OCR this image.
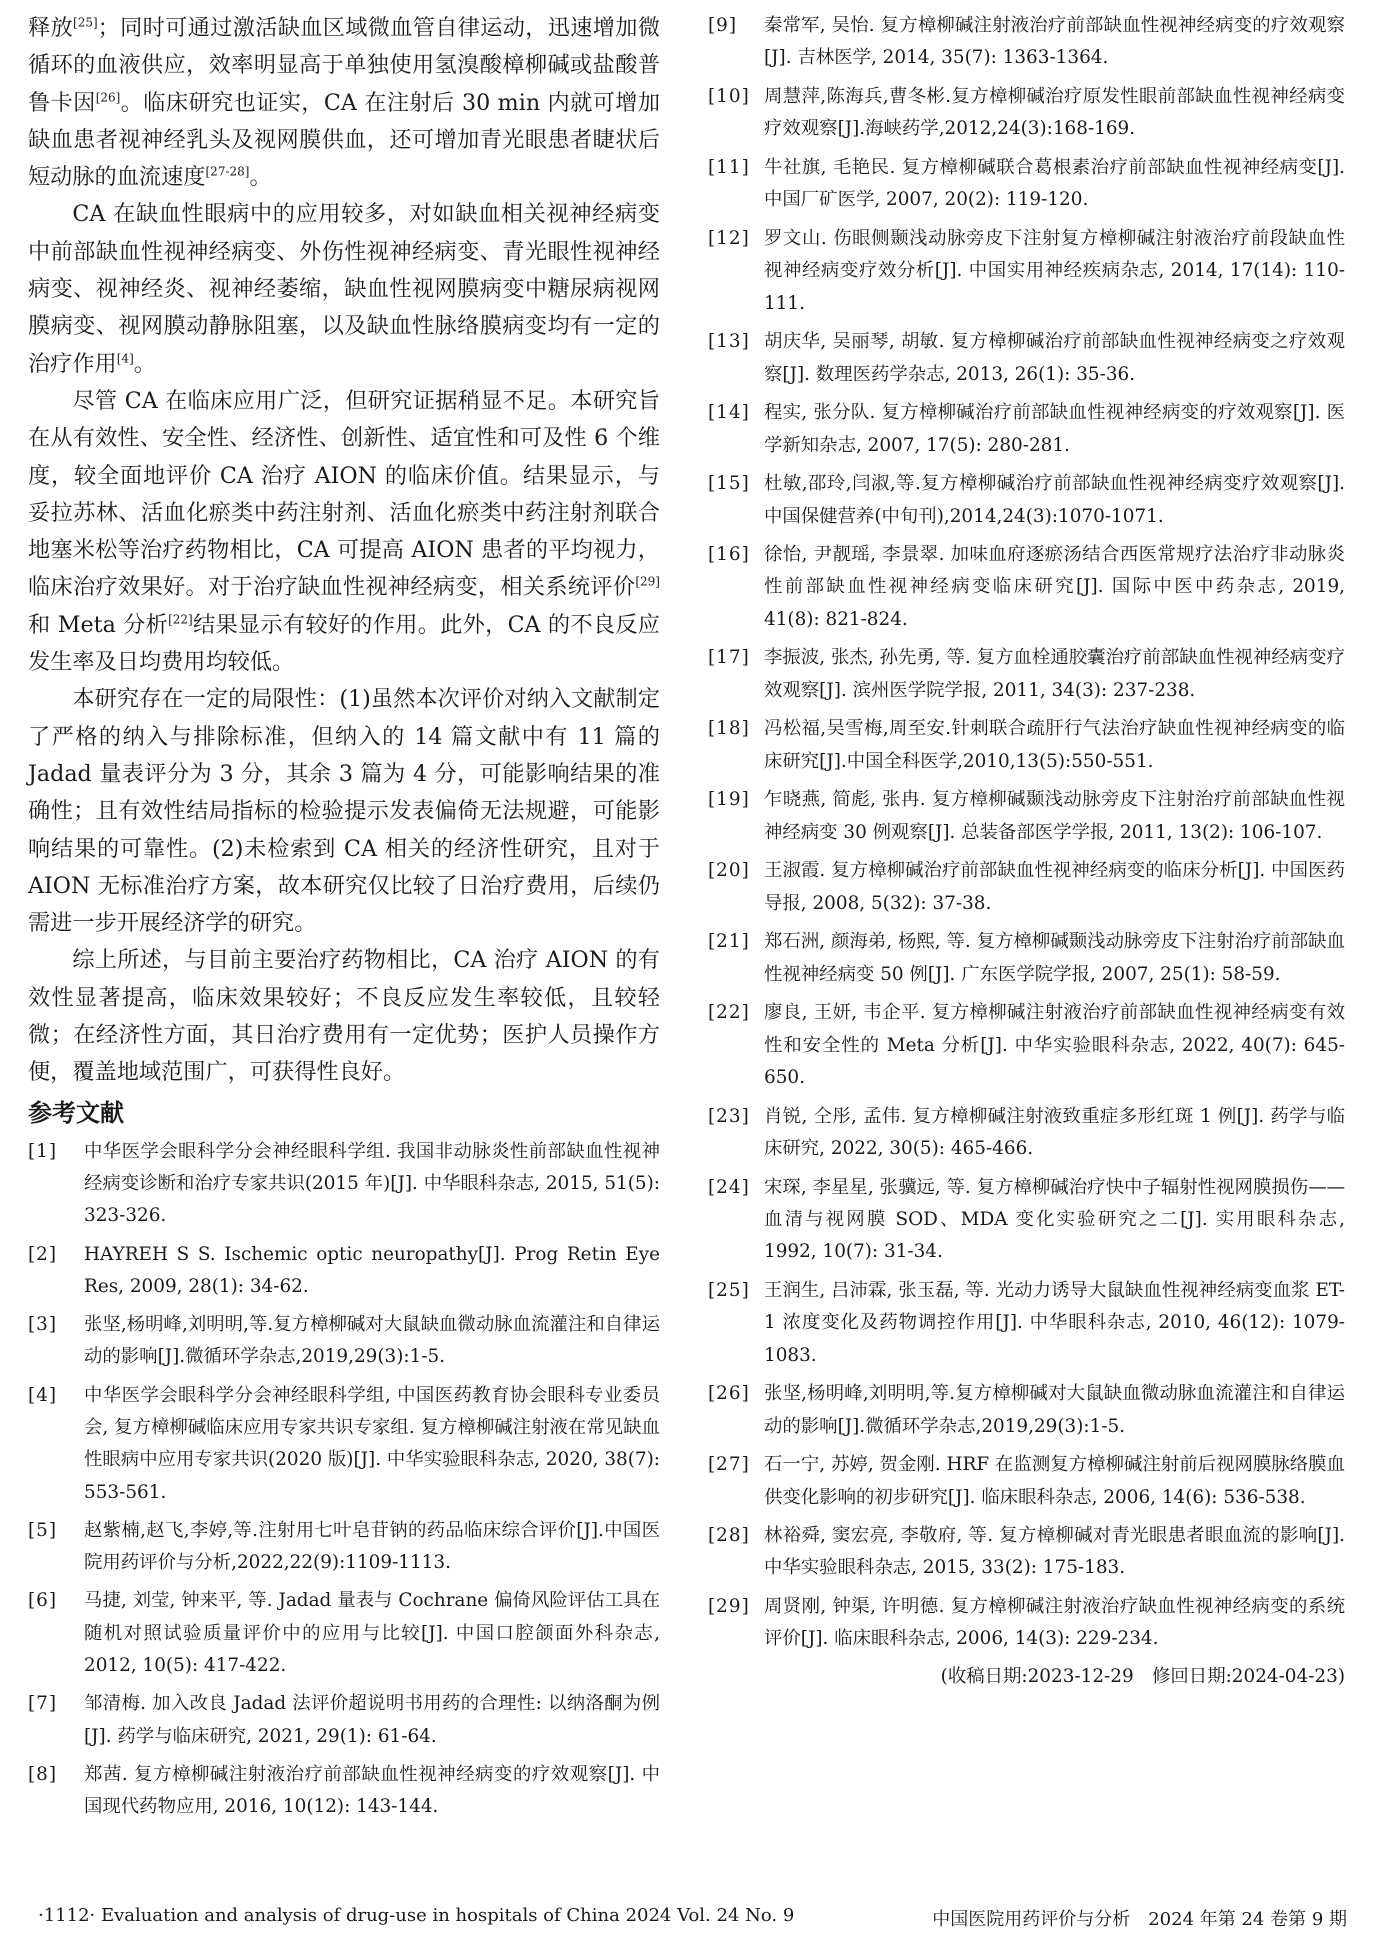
释放[25]；同时可通过激活缺血区域微血管自律运动，迅速增加微循环的血液供应，效率明显高于单独使用氢溴酸樟柳碱或盐酸普鲁卡因[26]。临床研究也证实，CA 在注射后 30 min 内就可增加缺血患者视神经乳头及视网膜供血，还可增加青光眼患者睫状后短动脉的血流速度[27-28]。

CA 在缺血性眼病中的应用较多，对如缺血相关视神经病变中前部缺血性视神经病变、外伤性视神经病变、青光眼性视神经病变、视神经炎、视神经萎缩，缺血性视网膜病变中糖尿病视网膜病变、视网膜动静脉阻塞，以及缺血性脉络膜病变均有一定的治疗作用[4]。

尽管 CA 在临床应用广泛，但研究证据稍显不足。本研究旨在从有效性、安全性、经济性、创新性、适宜性和可及性 6 个维度，较全面地评价 CA 治疗 AION 的临床价值。结果显示，与妥拉苏林、活血化瘀类中药注射剂、活血化瘀类中药注射剂联合地塞米松等治疗药物相比，CA 可提高 AION 患者的平均视力，临床治疗效果好。对于治疗缺血性视神经病变，相关系统评价[29] 和 Meta 分析[22]结果显示有较好的作用。此外，CA 的不良反应发生率及日均费用均较低。

本研究存在一定的局限性：(1)虽然本次评价对纳入文献制定了严格的纳入与排除标准，但纳入的 14 篇文献中有 11 篇的 Jadad 量表评分为 3 分，其余 3 篇为 4 分，可能影响结果的准确性；且有效性结局指标的检验提示发表偏倚无法规避，可能影响结果的可靠性。(2)未检索到 CA 相关的经济性研究，且对于 AION 无标准治疗方案，故本研究仅比较了日治疗费用，后续仍需进一步开展经济学的研究。

综上所述，与目前主要治疗药物相比，CA 治疗 AION 的有效性显著提高，临床效果较好；不良反应发生率较低，且较轻微；在经济性方面，其日治疗费用有一定优势；医护人员操作方便，覆盖地域范围广，可获得性良好。

参考文献
[1]	中华医学会眼科学分会神经眼科学组. 我国非动脉炎性前部缺血性视神经病变诊断和治疗专家共识(2015 年)[J]. 中华眼科杂志, 2015, 51(5): 323-326.
[2]	HAYREH S S. Ischemic optic neuropathy[J]. Prog Retin Eye Res, 2009, 28(1): 34-62.
[3]	张坚,杨明峰,刘明明,等.复方樟柳碱对大鼠缺血微动脉血流灌注和自律运动的影响[J].微循环学杂志,2019,29(3):1-5.
[4]	中华医学会眼科学分会神经眼科学组, 中国医药教育协会眼科专业委员会, 复方樟柳碱临床应用专家共识专家组. 复方樟柳碱注射液在常见缺血性眼病中应用专家共识(2020 版)[J]. 中华实验眼科杂志, 2020, 38(7): 553-561.
[5]	赵紫楠,赵飞,李婷,等.注射用七叶皂苷钠的药品临床综合评价[J].中国医院用药评价与分析,2022,22(9):1109-1113.
[6]	马捷, 刘莹, 钟来平, 等. Jadad 量表与 Cochrane 偏倚风险评估工具在随机对照试验质量评价中的应用与比较[J]. 中国口腔颌面外科杂志, 2012, 10(5): 417-422.
[7]	邹清梅. 加入改良 Jadad 法评价超说明书用药的合理性: 以纳洛酮为例[J]. 药学与临床研究, 2021, 29(1): 61-64.
[8]	郑茜. 复方樟柳碱注射液治疗前部缺血性视神经病变的疗效观察[J]. 中国现代药物应用, 2016, 10(12): 143-144.
[9]	秦常军, 吴怡. 复方樟柳碱注射液治疗前部缺血性视神经病变的疗效观察[J]. 吉林医学, 2014, 35(7): 1363-1364.
[10] 周慧萍,陈海兵,曹冬彬.复方樟柳碱治疗原发性眼前部缺血性视神经病变疗效观察[J].海峡药学,2012,24(3):168-169.
[11] 牛社旗, 毛艳民. 复方樟柳碱联合葛根素治疗前部缺血性视神经病变[J]. 中国厂矿医学, 2007, 20(2): 119-120.
[12] 罗文山. 伤眼侧颞浅动脉旁皮下注射复方樟柳碱注射液治疗前段缺血性视神经病变疗效分析[J]. 中国实用神经疾病杂志, 2014, 17(14): 110-111.
[13] 胡庆华, 吴丽琴, 胡敏. 复方樟柳碱治疗前部缺血性视神经病变之疗效观察[J]. 数理医药学杂志, 2013, 26(1): 35-36.
[14] 程实, 张分队. 复方樟柳碱治疗前部缺血性视神经病变的疗效观察[J]. 医学新知杂志, 2007, 17(5): 280-281.
[15] 杜敏,邵玲,闫淑,等.复方樟柳碱治疗前部缺血性视神经病变疗效观察[J].中国保健营养(中旬刊),2014,24(3):1070-1071.
[16] 徐怡, 尹靓瑶, 李景翠. 加味血府逐瘀汤结合西医常规疗法治疗非动脉炎性前部缺血性视神经病变临床研究[J]. 国际中医中药杂志, 2019, 41(8): 821-824.
[17] 李振波, 张杰, 孙先勇, 等. 复方血栓通胶囊治疗前部缺血性视神经病变疗效观察[J]. 滨州医学院学报, 2011, 34(3): 237-238.
[18] 冯松福,吴雪梅,周至安.针刺联合疏肝行气法治疗缺血性视神经病变的临床研究[J].中国全科医学,2010,13(5):550-551.
[19] 乍晓燕, 简彪, 张冉. 复方樟柳碱颞浅动脉旁皮下注射治疗前部缺血性视神经病变 30 例观察[J]. 总装备部医学学报, 2011, 13(2): 106-107.
[20] 王淑霞. 复方樟柳碱治疗前部缺血性视神经病变的临床分析[J]. 中国医药导报, 2008, 5(32): 37-38.
[21] 郑石洲, 颜海弟, 杨熙, 等. 复方樟柳碱颞浅动脉旁皮下注射治疗前部缺血性视神经病变 50 例[J]. 广东医学院学报, 2007, 25(1): 58-59.
[22] 廖良, 王妍, 韦企平. 复方樟柳碱注射液治疗前部缺血性视神经病变有效性和安全性的 Meta 分析[J]. 中华实验眼科杂志, 2022, 40(7): 645-650.
[23] 肖锐, 仝彤, 孟伟. 复方樟柳碱注射液致重症多形红斑 1 例[J]. 药学与临床研究, 2022, 30(5): 465-466.
[24] 宋琛, 李星星, 张骥远, 等. 复方樟柳碱治疗快中子辐射性视网膜损伤——血清与视网膜 SOD、MDA 变化实验研究之二[J]. 实用眼科杂志, 1992, 10(7): 31-34.
[25] 王润生, 吕沛霖, 张玉磊, 等. 光动力诱导大鼠缺血性视神经病变血浆 ET-1 浓度变化及药物调控作用[J]. 中华眼科杂志, 2010, 46(12): 1079-1083.
[26] 张坚,杨明峰,刘明明,等.复方樟柳碱对大鼠缺血微动脉血流灌注和自律运动的影响[J].微循环学杂志,2019,29(3):1-5.
[27] 石一宁, 苏婷, 贺金刚. HRF 在监测复方樟柳碱注射前后视网膜脉络膜血供变化影响的初步研究[J]. 临床眼科杂志, 2006, 14(6): 536-538.
[28] 林裕舜, 窦宏亮, 李敬府, 等. 复方樟柳碱对青光眼患者眼血流的影响[J]. 中华实验眼科杂志, 2015, 33(2): 175-183.
[29] 周贤刚, 钟渠, 许明德. 复方樟柳碱注射液治疗缺血性视神经病变的系统评价[J]. 临床眼科杂志, 2006, 14(3): 229-234.
(收稿日期:2023-12-29　修回日期:2024-04-23)
·1112· Evaluation and analysis of drug-use in hospitals of China 2024 Vol. 24 No. 9	中国医院用药评价与分析　2024 年第 24 卷第 9 期
